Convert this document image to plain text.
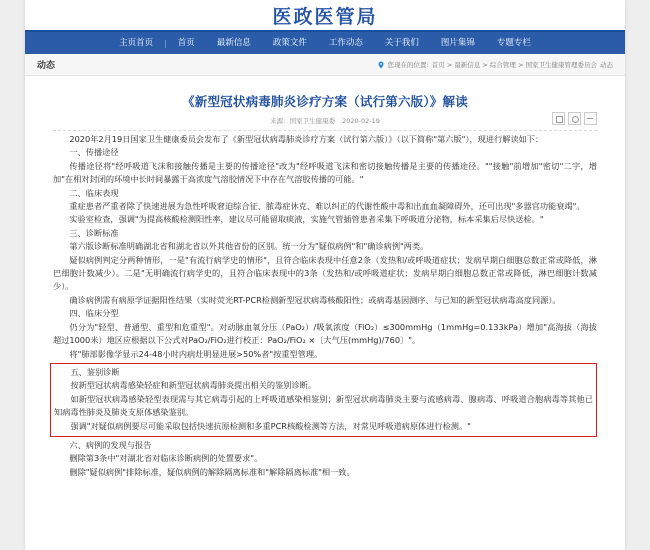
医政医管局
主页首页	|	首页	最新信息	政策文件	工作动态	关于我们	图片集锦	专题专栏
动态	您现在的位置: 首页 > 最新信息 > 综合管理 > 国家卫生健康管理委员会 动态
《新型冠状病毒肺炎诊疗方案（试行第六版）》解读
来源：国家卫生健康委 2020-02-19

2020年2月19日国家卫生健康委员会发布了《新型冠状病毒肺炎诊疗方案（试行第六版）》（以下简称"第六版"），现进行解读如下：

一、传播途径

传播途径将"经呼吸道飞沫和接触传播是主要的传播途径"改为"经呼吸道飞沫和密切接触传播是主要的传播途径。""接触"前增加"密切"二字，增加"在相对封闭的环境中长时间暴露于高浓度气溶胶情况下中存在气溶胶传播的可能。"

二、临床表现

重症患者严重者除了快速进展为急性呼吸窘迫综合征、脓毒症休克、难以纠正的代谢性酸中毒和出血血凝障碍外，还可出现"多器官功能衰竭"。

实验室检查，强调"为提高核酸检测阳性率，建议尽可能留取痰液，实施气管插管患者采集下呼吸道分泌物，标本采集后尽快送检。"

三、诊断标准

第六版诊断标准明确湖北省和湖北省以外其他省份的区别。统一分为"疑似病例"和"确诊病例"两类。

疑似病例判定分两种情形，一是"有流行病学史的情形"，且符合临床表现中任意2条（发热和/或呼吸道症状；发病早期白细胞总数正常或降低，淋巴细胞计数减少）。二是"无明确流行病学史的，且符合临床表现中的3条（发热和/或呼吸道症状；发病早期白细胞总数正常或降低，淋巴细胞计数减少）。

确诊病例需有病原学证据阳性结果（实时荧光RT-PCR检测新型冠状病毒核酸阳性；或病毒基因测序、与已知的新型冠状病毒高度同源）。

四、临床分型

仍分为"轻型、普通型、重型和危重型"。对动脉血氧分压（PaO₂）/吸氧浓度（FiO₂）≤300mmHg（1mmHg=0.133kPa）增加"高海拔（海拔超过1000米）地区应根据以下公式对PaO₂/FiO₂进行校正：PaO₂/FiO₂ ×〔大气压(mmHg)/760〕"。

将"肺部影像学显示24-48小时内病灶明显进展>50%者"按重型管理。

五、鉴别诊断

按新型冠状病毒感染轻症和新型冠状病毒肺炎提出相关的鉴别诊断。

如新型冠状病毒感染轻型表现需与其它病毒引起的上呼吸道感染相鉴别；新型冠状病毒肺炎主要与流感病毒、腺病毒、呼吸道合胞病毒等其他已知病毒性肺炎及肺炎支原体感染鉴别。

强调"对疑似病例要尽可能采取包括快速抗原检测和多重PCR核酸检测等方法，对常见呼吸道病原体进行检测。"

六、病例的发现与报告

删除第3条中"对湖北省对临床诊断病例的处置要求"。

删除"疑似病例"排除标准，疑似病例的解除隔离标准和"解除隔离标准"相一致。
